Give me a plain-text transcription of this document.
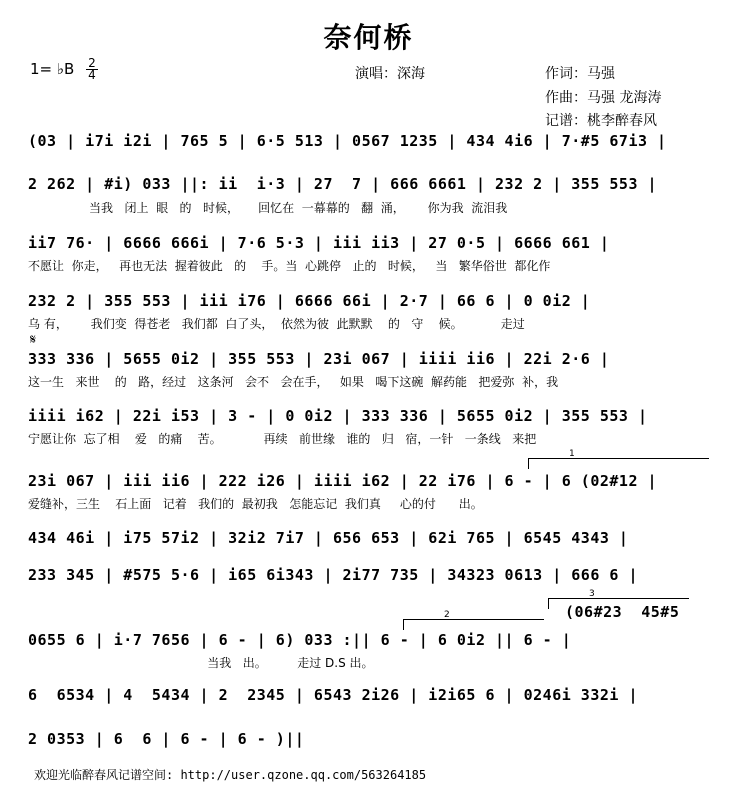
奈何桥
1= ♭B 2
4	演唱：深海	作词：马强
作曲：马强 龙海涛
记谱：桃李醉春风
(03 | i7i i2i | 765 5 | 6·5 513 | 0567 1235 | 434 4i6 | 7·#5 67i3 |
2 262 | #i) 033 ||: ii  i·3 | 27  7 | 666 6661 | 232 2 | 355 553 |
当我   闭上  眼   的   时候，     回忆在  一幕幕的   翻  涌，      你为我  流泪我
ii7 76· | 6666 666i | 7·6 5·3 | iii ii3 | 27 0·5 | 6666 661 |
不愿让  你走，   再也无法  握着彼此   的    手。当  心跳停   止的   时候，   当   繁华俗世  都化作
232 2 | 355 553 | iii i76 | 6666 66i | 2·7 | 66 6 | 0 0i2 |
乌 有，      我们变  得苍老   我们都  白了头，  依然为彼  此默默    的   守    候。          走过
𝄋
333 336 | 5655 0i2 | 355 553 | 23i 067 | iiii ii6 | 22i 2·6 |
这一生   来世    的   路，经过   这条河   会不   会在手，   如果   喝下这碗  解药能   把爱弥  补，我
iiii i62 | 22i i53 | 3 - | 0 0i2 | 333 336 | 5655 0i2 | 355 553 |
宁愿让你  忘了相    爱   的痛    苦。           再续   前世缘   谁的   归   宿，一针   一条线   来把
1
23i 067 | iii ii6 | 222 i26 | iiii i62 | 22 i76 | 6 - | 6 (02#12 |
爱缝补，三生    石上面   记着   我们的  最初我   怎能忘记  我们真     心的付      出。
434 46i | i75 57i2 | 32i2 7i7 | 656 653 | 62i 765 | 6545 4343 |
233 345 | #575 5·6 | i65 6i343 | 2i77 735 | 34323 0613 | 666 6 |
3
(06#23  45#5
2
0655 6 | i·7 7656 | 6 - | 6) 033 :|| 6 - | 6 0i2 || 6 - |
当我   出。        走过 D.S 出。
6  6534 | 4  5434 | 2  2345 | 6543 2i26 | i2i65 6 | 0246i 332i |
2 0353 | 6  6 | 6 - | 6 - )||
欢迎光临醉春风记谱空间: http://user.qzone.qq.com/563264185
